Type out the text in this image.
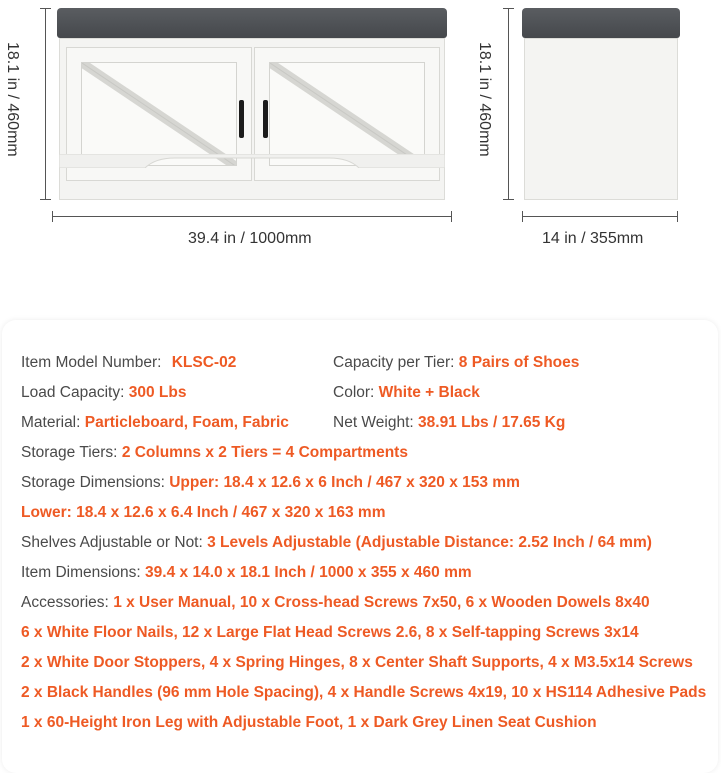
18.1 in / 460mm
39.4 in / 1000mm
18.1 in / 460mm
14 in / 355mm
Item Model Number: KLSC-02	Capacity per Tier: 8 Pairs of Shoes
Load Capacity: 300 Lbs	Color: White + Black
Material: Particleboard, Foam, Fabric	Net Weight: 38.91 Lbs / 17.65 Kg
Storage Tiers: 2 Columns x 2 Tiers = 4 Compartments
Storage Dimensions: Upper: 18.4 x 12.6 x 6 Inch / 467 x 320 x 153 mm
Lower: 18.4 x 12.6 x 6.4 Inch / 467 x 320 x 163 mm
Shelves Adjustable or Not: 3 Levels Adjustable (Adjustable Distance: 2.52 Inch / 64 mm)
Item Dimensions: 39.4 x 14.0 x 18.1 Inch / 1000 x 355 x 460 mm
Accessories: 1 x User Manual, 10 x Cross-head Screws 7x50, 6 x Wooden Dowels 8x40
6 x White Floor Nails, 12 x Large Flat Head Screws 2.6, 8 x Self-tapping Screws 3x14
2 x White Door Stoppers, 4 x Spring Hinges, 8 x Center Shaft Supports, 4 x M3.5x14 Screws
2 x Black Handles (96 mm Hole Spacing), 4 x Handle Screws 4x19, 10 x HS114 Adhesive Pads
1 x 60-Height Iron Leg with Adjustable Foot, 1 x Dark Grey Linen Seat Cushion
